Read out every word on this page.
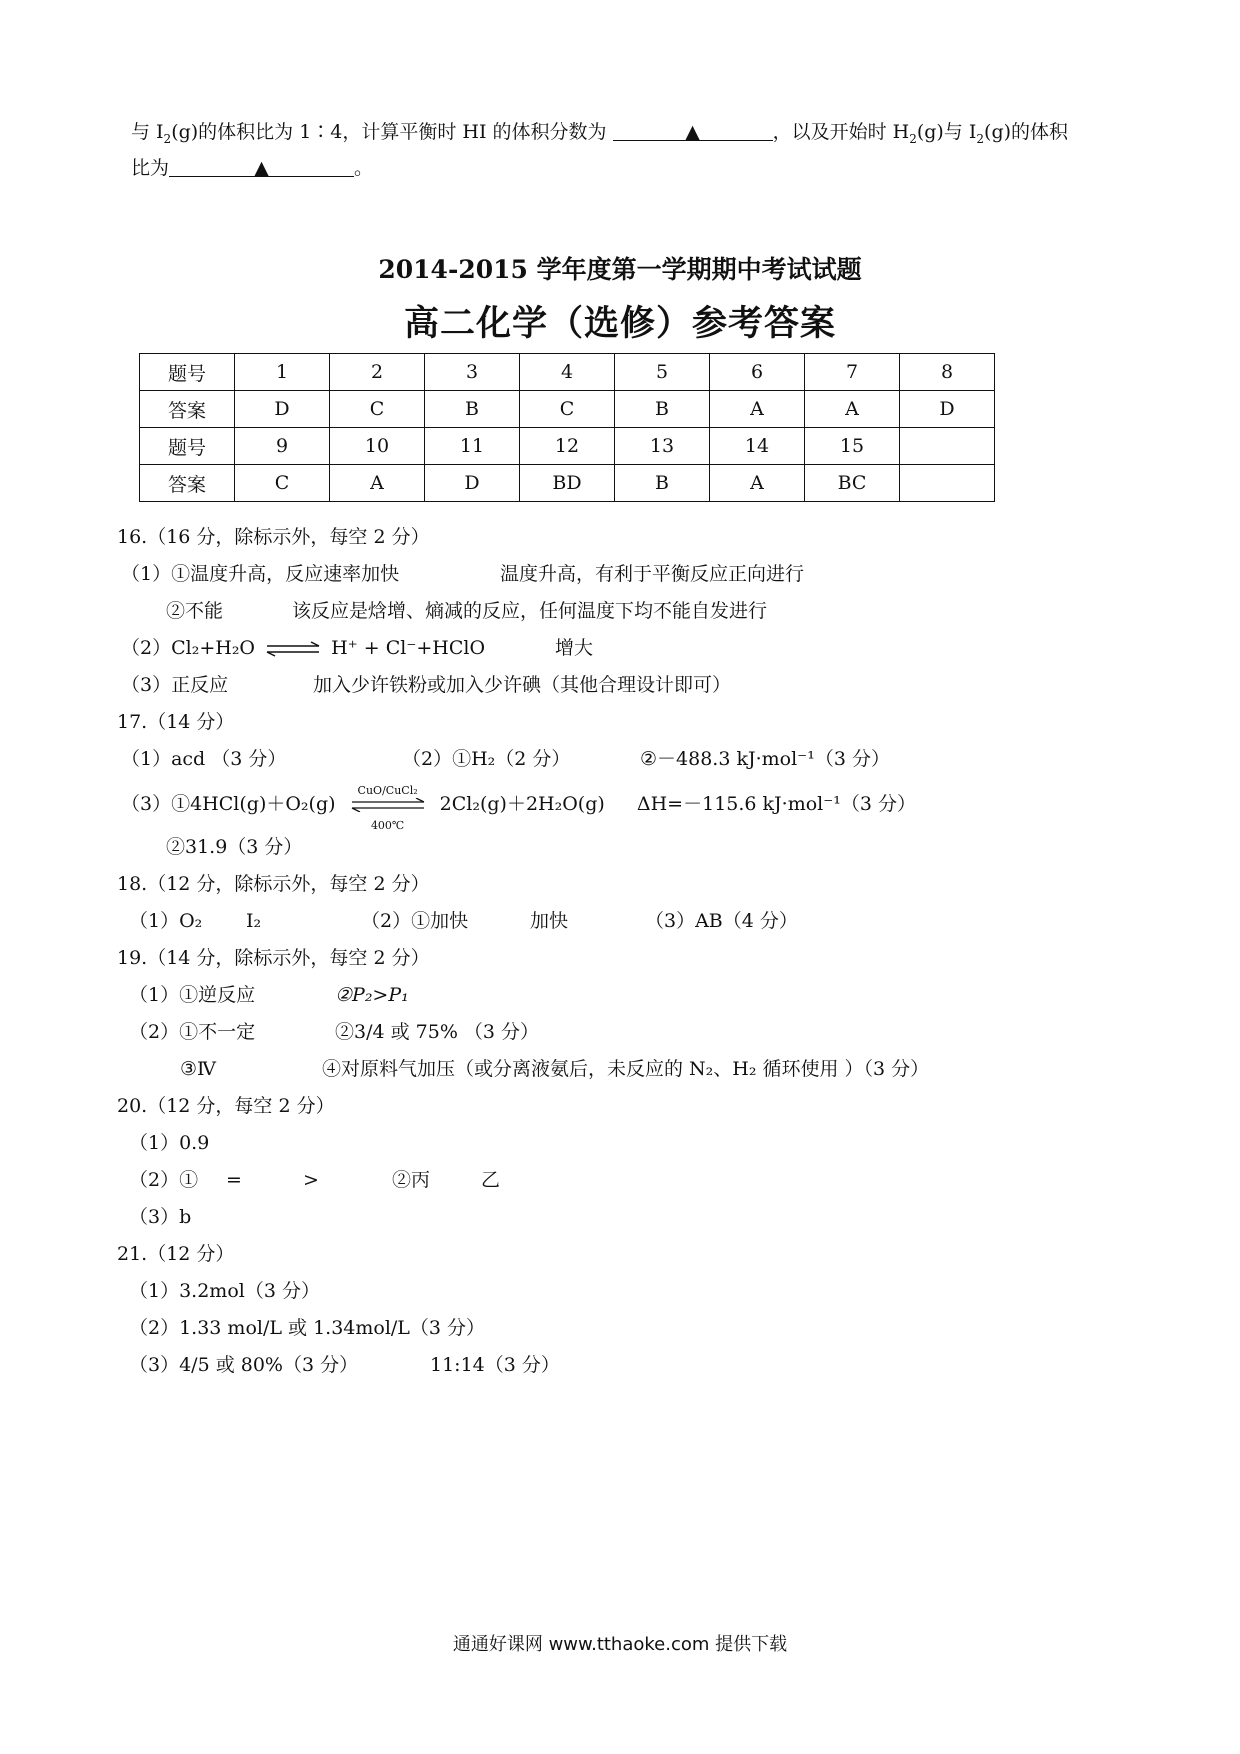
与 $I_2(g)$的体积比为 1∶4，计算平衡时 HI 的体积分数为	▲	，以及开始时 $H_2(g)$与 $I_2(g)$的体积
比为	▲	。
2014-2015 学年度第一学期期中考试试题
高二化学（选修）参考答案
题号	1	2	3	4	5	6	7	8
答案	D	C	B	C	B	A	A	D
题号	9	10	11	12	13	14	15	
答案	C	A	D	BD	B	A	BC	
16.（16 分，除标示外，每空 2 分）
（1）①温度升高，反应速率加快	温度升高，有利于平衡反应正向进行
②不能	该反应是焓增、熵减的反应，任何温度下均不能自发进行
（2）Cl₂+H₂O ⇌ H⁺ + Cl⁻+HClO	增大
（3）正反应	加入少许铁粉或加入少许碘（其他合理设计即可）
17.（14 分）
（1）acd （3 分）	（2）①H₂（2 分）	②－488.3 kJ·mol⁻¹（3 分）
（3）①4HCl(g)＋O₂(g)
CuO/CuCl₂
400℃
2Cl₂(g)＋2H₂O(g) ΔH=－115.6 kJ·mol⁻¹（3 分）
②31.9（3 分）
18.（12 分，除标示外，每空 2 分）
（1）O₂ I₂	（2）①加快	加快	（3）AB（4 分）
19.（14 分，除标示外，每空 2 分）
（1）①逆反应	②P₂>P₁
（2）①不一定	②3/4 或 75% （3 分）
③Ⅳ	④对原料气加压（或分离液氨后，未反应的 N₂、H₂ 循环使用 ）（3 分）
20.（12 分，每空 2 分）
（1）0.9
（2）① =	>	②丙	乙
（3）b
21.（12 分）
（1）3.2mol（3 分）
（2）1.33 mol/L 或 1.34mol/L（3 分）
（3）4/5 或 80%（3 分）	11:14（3 分）
通通好课网 www.tthaoke.com 提供下载
